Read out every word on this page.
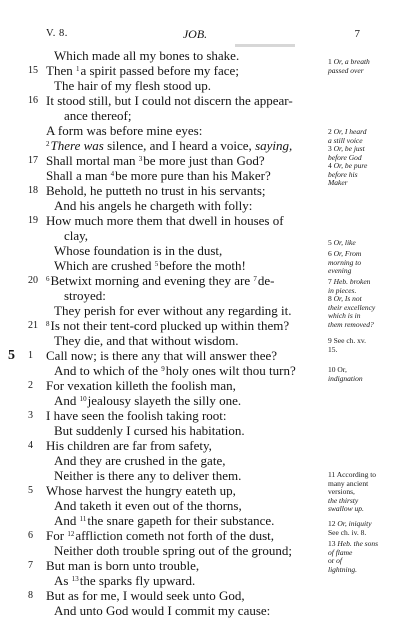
V. 8.	JOB.	7
Which made all my bones to shake.
15 Then $^1$a spirit passed before my face;
The hair of my flesh stood up.
16 It stood still, but I could not discern the appear-
ance thereof;
A form was before mine eyes:
$^2$There was silence, and I heard a voice, saying,
17 Shall mortal man $^3$be more just than God?
Shall a man $^4$be more pure than his Maker?
18 Behold, he putteth no trust in his servants;
And his angels he chargeth with folly:
19 How much more them that dwell in houses of
clay,
Whose foundation is in the dust,
Which are crushed $^5$before the moth!
20 $^6$Betwixt morning and evening they are $^7$de-
stroyed:
They perish for ever without any regarding it.
21 $^8$Is not their tent-cord plucked up within them?
They die, and that without wisdom.
5 1 Call now; is there any that will answer thee?
And to which of the $^9$holy ones wilt thou turn?
2 For vexation killeth the foolish man,
And $^{10}$jealousy slayeth the silly one.
3 I have seen the foolish taking root:
But suddenly I cursed his habitation.
4 His children are far from safety,
And they are crushed in the gate,
Neither is there any to deliver them.
5 Whose harvest the hungry eateth up,
And taketh it even out of the thorns,
And $^{11}$the snare gapeth for their substance.
6 For $^{12}$affliction cometh not forth of the dust,
Neither doth trouble spring out of the ground;
7 But man is born unto trouble,
As $^{13}$the sparks fly upward.
8 But as for me, I would seek unto God,
And unto God would I commit my cause:
1 Or, a breath
passed over
2 Or, I heard
a still voice
3 Or, be just
before God
4 Or, be pure
before his
Maker
5 Or, like
6 Or, From
morning to
evening
7 Heb. broken
in pieces.
8 Or, Is not
their excellency
which is in
them removed?
9 See ch. xv.
15.
10 Or,
indignation
11 According to
many ancient
versions,
the thirsty
swallow up.
12 Or, iniquity
See ch. iv. 8.
13 Heb. the sons
of flame
or of
lightning.
